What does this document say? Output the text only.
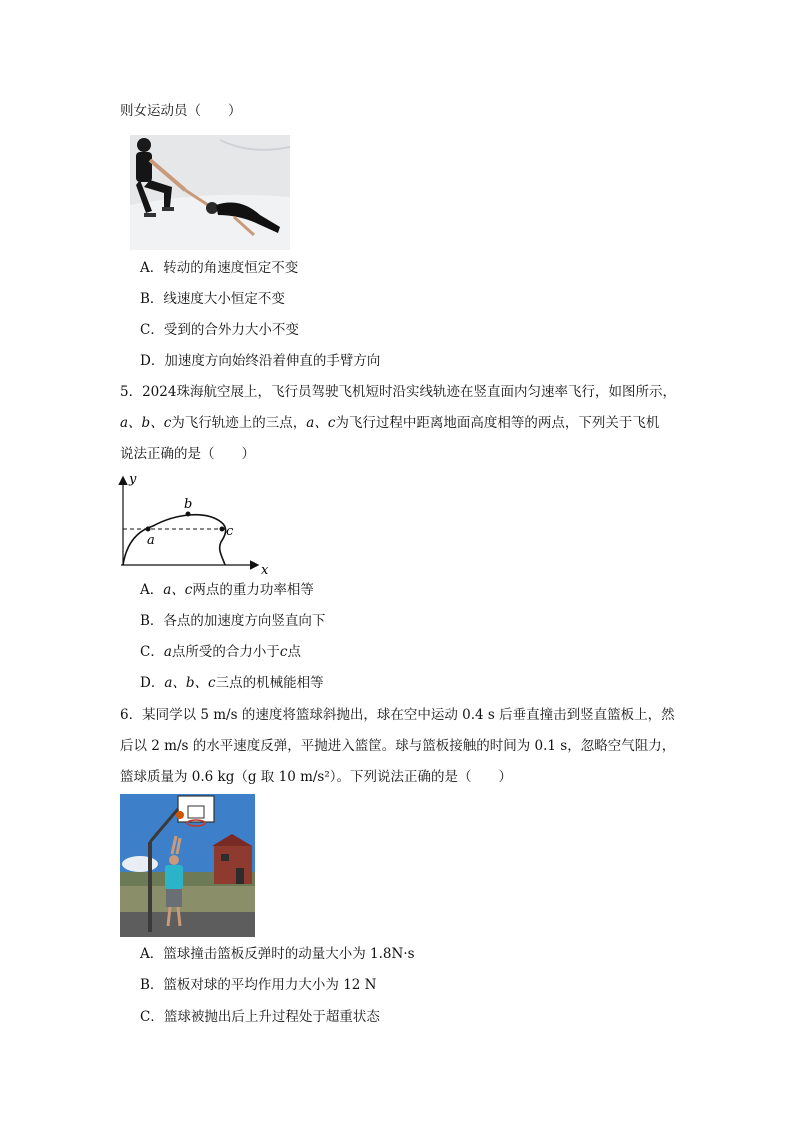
则女运动员（　　）
A．转动的角速度恒定不变
B．线速度大小恒定不变
C．受到的合外力大小不变
D．加速度方向始终沿着伸直的手臂方向
5．2024珠海航空展上，飞行员驾驶飞机短时沿实线轨迹在竖直面内匀速率飞行，如图所示，
a、b、c为飞行轨迹上的三点，a、c为飞行过程中距离地面高度相等的两点，下列关于飞机
说法正确的是（　　）
y
x
a
b
c
A．a、c两点的重力功率相等
B．各点的加速度方向竖直向下
C．a点所受的合力小于c点
D．a、b、c三点的机械能相等
6．某同学以 5 m/s 的速度将篮球斜抛出，球在空中运动 0.4 s 后垂直撞击到竖直篮板上，然
后以 2 m/s 的水平速度反弹，平抛进入篮筐。球与篮板接触的时间为 0.1 s，忽略空气阻力，
篮球质量为 0.6 kg（g 取 10 m/s²）。下列说法正确的是（　　）
A．篮球撞击篮板反弹时的动量大小为 1.8N·s
B．篮板对球的平均作用力大小为 12 N
C．篮球被抛出后上升过程处于超重状态
